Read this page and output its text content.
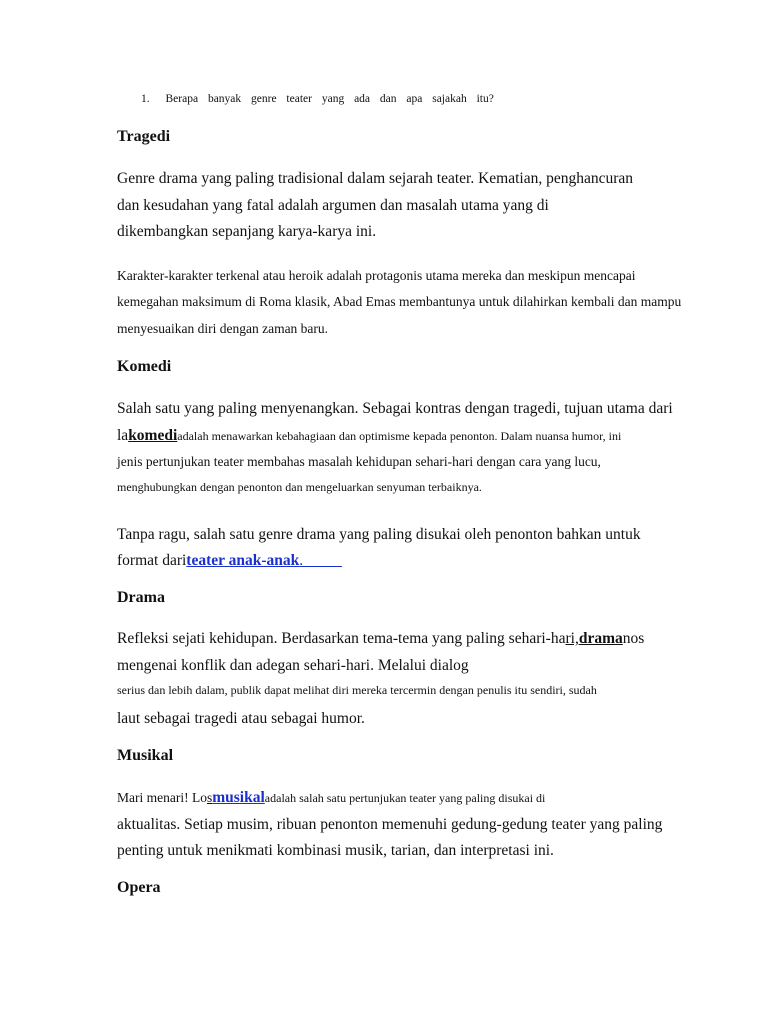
1. Berapa banyak genre teater yang ada dan apa sajakah itu?
Tragedi
Genre drama yang paling tradisional dalam sejarah teater. Kematian, penghancuran
dan kesudahan yang fatal adalah argumen dan masalah utama yang di
dikembangkan sepanjang karya-karya ini.
Karakter-karakter terkenal atau heroik adalah protagonis utama mereka dan meskipun mencapai
kemegahan maksimum di Roma klasik, Abad Emas membantunya untuk dilahirkan kembali dan mampu
menyesuaikan diri dengan zaman baru.
Komedi
Salah satu yang paling menyenangkan. Sebagai kontras dengan tragedi, tujuan utama dari
lakomediadalah menawarkan kebahagiaan dan optimisme kepada penonton. Dalam nuansa humor, ini
jenis pertunjukan teater membahas masalah kehidupan sehari-hari dengan cara yang lucu,
menghubungkan dengan penonton dan mengeluarkan senyuman terbaiknya.
Tanpa ragu, salah satu genre drama yang paling disukai oleh penonton bahkan untuk
format dariteater anak-anak.
Drama
Refleksi sejati kehidupan. Berdasarkan tema-tema yang paling sehari-hari,dramanos
mengenai konflik dan adegan sehari-hari. Melalui dialog
serius dan lebih dalam, publik dapat melihat diri mereka tercermin dengan penulis itu sendiri, sudah
laut sebagai tragedi atau sebagai humor.
Musikal
Mari menari! Losmusikaladalah salah satu pertunjukan teater yang paling disukai di
aktualitas. Setiap musim, ribuan penonton memenuhi gedung-gedung teater yang paling
penting untuk menikmati kombinasi musik, tarian, dan interpretasi ini.
Opera
